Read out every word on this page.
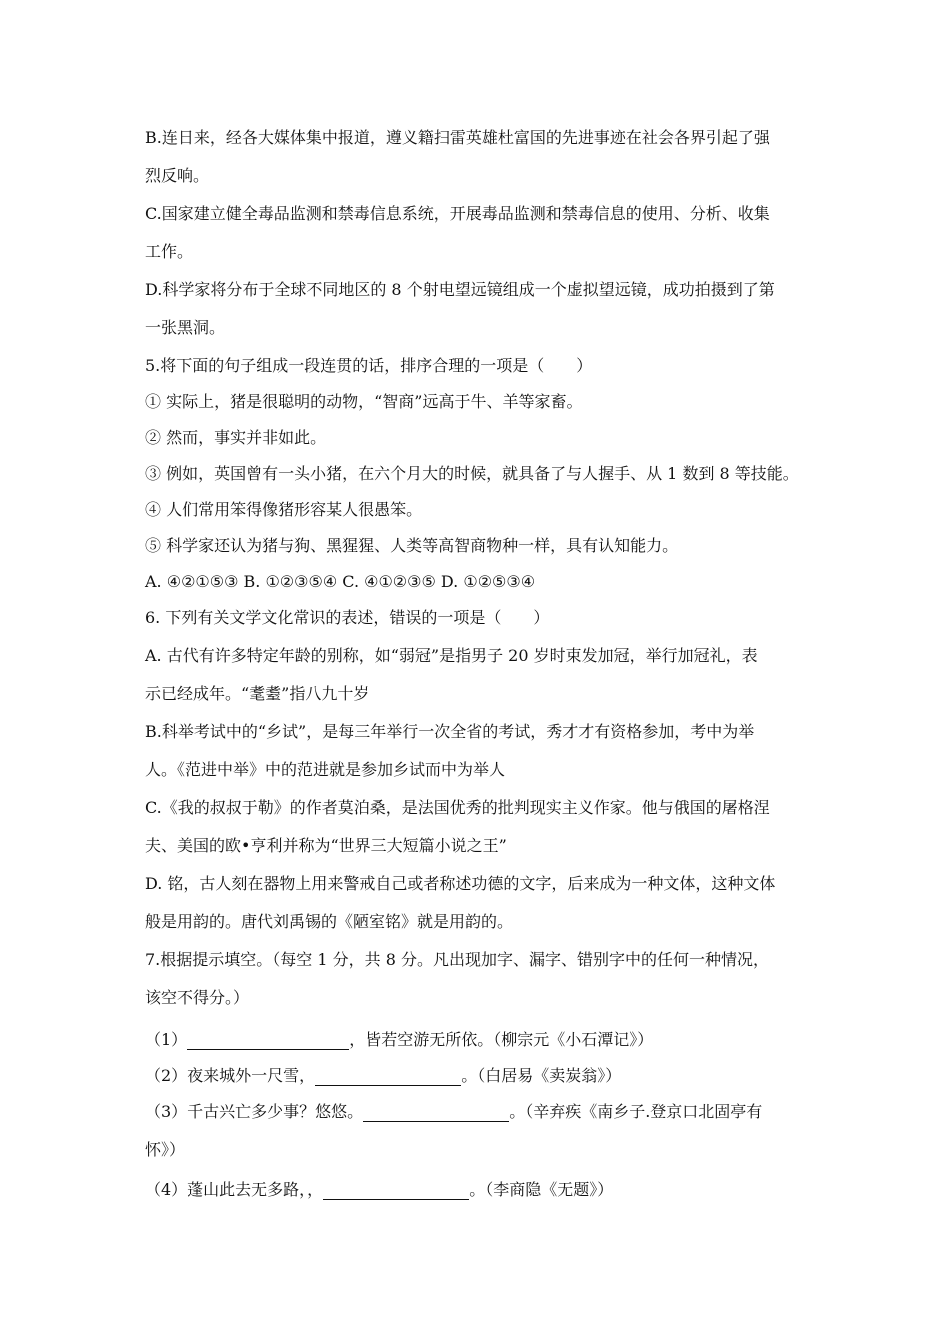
B.连日来，经各大媒体集中报道，遵义籍扫雷英雄杜富国的先进事迹在社会各界引起了强
烈反响。
C.国家建立健全毒品监测和禁毒信息系统，开展毒品监测和禁毒信息的使用、分析、收集
工作。
D.科学家将分布于全球不同地区的 8 个射电望远镜组成一个虚拟望远镜，成功拍摄到了第
一张黑洞。
5.将下面的句子组成一段连贯的话，排序合理的一项是（　　）
① 实际上，猪是很聪明的动物，“智商”远高于牛、羊等家畜。
② 然而，事实并非如此。
③ 例如，英国曾有一头小猪，在六个月大的时候，就具备了与人握手、从 1 数到 8 等技能。
④ 人们常用笨得像猪形容某人很愚笨。
⑤ 科学家还认为猪与狗、黑猩猩、人类等高智商物种一样，具有认知能力。
A. ④②①⑤③ B. ①②③⑤④ C. ④①②③⑤ D. ①②⑤③④
6. 下列有关文学文化常识的表述，错误的一项是（　　）
A. 古代有许多特定年龄的别称，如“弱冠”是指男子 20 岁时束发加冠，举行加冠礼，表
示已经成年。“耄耋”指八九十岁
B.科举考试中的“乡试”，是每三年举行一次全省的考试，秀才才有资格参加，考中为举
人。《范进中举》中的范进就是参加乡试而中为举人
C.《我的叔叔于勒》的作者莫泊桑，是法国优秀的批判现实主义作家。他与俄国的屠格涅
夫、美国的欧•亨利并称为“世界三大短篇小说之王”
D. 铭，古人刻在器物上用来警戒自己或者称述功德的文字，后来成为一种文体，这种文体
般是用韵的。唐代刘禹锡的《陋室铭》就是用韵的。
7.根据提示填空。（每空 1 分，共 8 分。凡出现加字、漏字、错别字中的任何一种情况，
该空不得分。）
（1）	，皆若空游无所依。（柳宗元《小石潭记》）
（2）夜来城外一尺雪，	。（白居易《卖炭翁》）
（3）千古兴亡多少事？悠悠。	。（辛弃疾《南乡子.登京口北固亭有
怀》）
（4）蓬山此去无多路，，	。（李商隐《无题》）
